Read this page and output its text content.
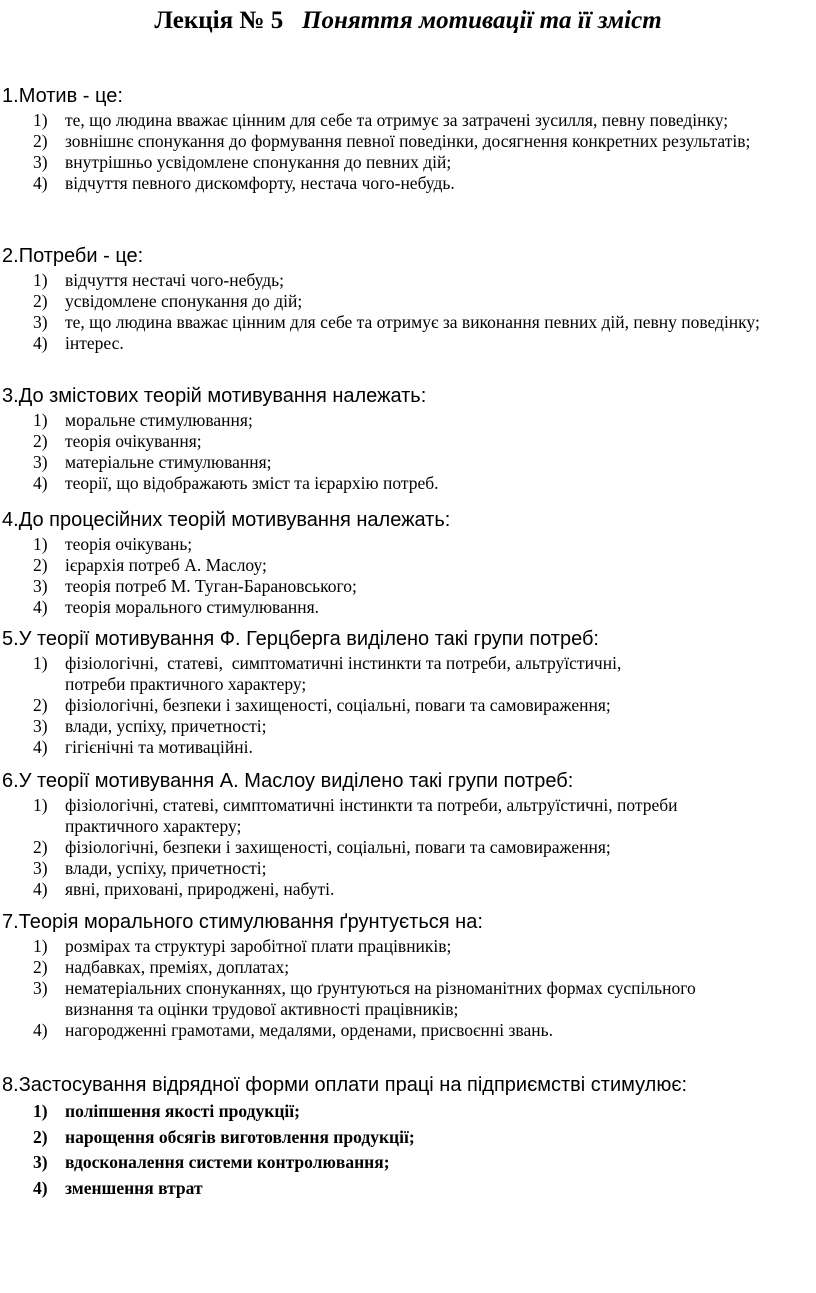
Лекція № 5 Поняття мотивації та її зміст
1.Мотив - це:
1) те, що людина вважає цінним для себе та отримує за затрачені зусилля, певну поведінку;
2) зовнішнє спонукання до формування певної поведінки, досягнення конкретних результатів;
3) внутрішньо усвідомлене спонукання до певних дій;
4) відчуття певного дискомфорту, нестача чого-небудь.
2.Потреби - це:
1) відчуття нестачі чого-небудь;
2) усвідомлене спонукання до дій;
3) те, що людина вважає цінним для себе та отримує за виконання певних дій, певну поведінку;
4) інтерес.
3.До змістових теорій мотивування належать:
1) моральне стимулювання;
2) теорія очікування;
3) матеріальне стимулювання;
4) теорії, що відображають зміст та ієрархію потреб.
4.До процесійних теорій мотивування належать:
1) теорія очікувань;
2) ієрархія потреб А. Маслоу;
3) теорія потреб М. Туган-Барановського;
4) теорія морального стимулювання.
5.У теорії мотивування Ф. Герцберга виділено такі групи потреб:
1) фізіологічні,  статеві,  симптоматичні інстинкти та потреби, альтруїстичні, потреби практичного характеру;
2) фізіологічні, безпеки і захищеності, соціальні, поваги та самовираження;
3) влади, успіху, причетності;
4) гігієнічні та мотиваційні.
6.У теорії мотивування А. Маслоу виділено такі групи потреб:
1) фізіологічні, статеві, симптоматичні інстинкти та потреби, альтруїстичні, потреби практичного характеру;
2) фізіологічні, безпеки і захищеності, соціальні, поваги та самовираження;
3) влади, успіху, причетності;
4) явні, приховані, природжені, набуті.
7.Теорія морального стимулювання ґрунтується на:
1) розмірах та структурі заробітної плати працівників;
2) надбавках, преміях, доплатах;
3) нематеріальних спонуканнях, що ґрунтуються на різноманітних формах суспільного визнання та оцінки трудової активності працівників;
4) нагородженні грамотами, медалями, орденами, присвоєнні звань.
8.Застосування відрядної форми оплати праці на підприємстві стимулює:
1) поліпшення якості продукції;
2) нарощення обсягів виготовлення продукції;
3) вдосконалення системи контролювання;
4) зменшення втрат
